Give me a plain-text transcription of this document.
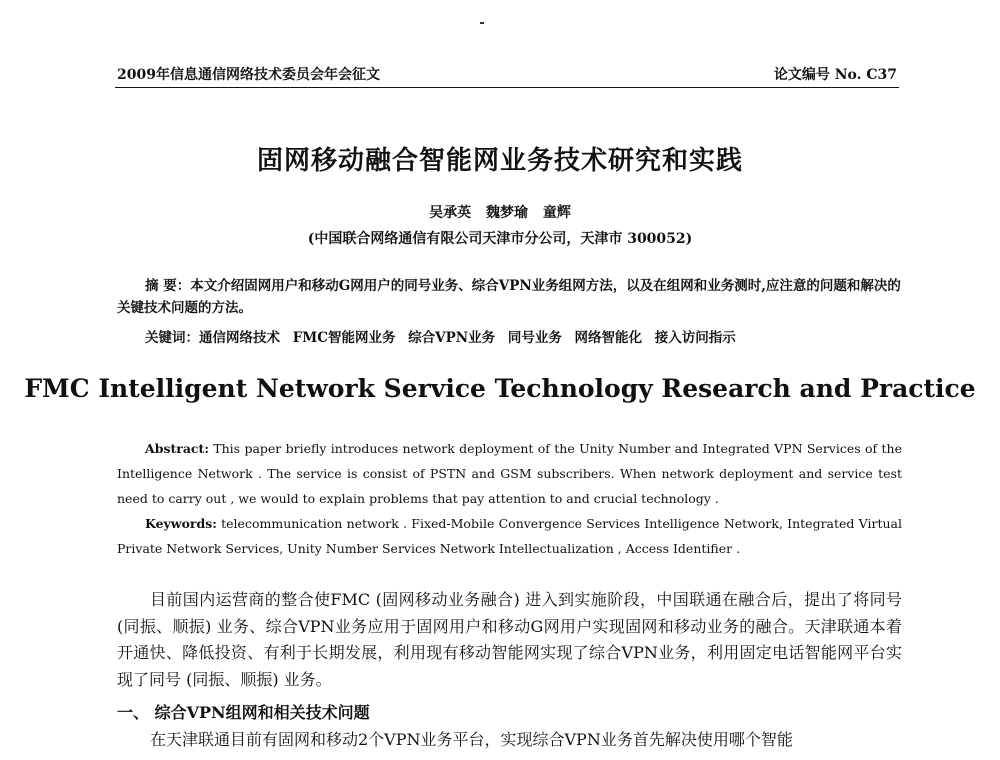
2009年信息通信网络技术委员会年会征文	论文编号 No. C37
固网移动融合智能网业务技术研究和实践
吴承英 魏梦瑜 童辉
(中国联合网络通信有限公司天津市分公司，天津市 300052)
摘 要：本文介绍固网用户和移动G网用户的同号业务、综合VPN业务组网方法，以及在组网和业务测时,应注意的问题和解决的关键技术问题的方法。
关键词：通信网络技术 FMC智能网业务 综合VPN业务 同号业务 网络智能化 接入访问指示
FMC Intelligent Network Service Technology Research and Practice
Abstract: This paper briefly introduces network deployment of the Unity Number and Integrated VPN Services of the Intelligence Network . The service is consist of PSTN and GSM subscribers. When network deployment and service test need to carry out , we would to explain problems that pay attention to and crucial technology .
Keywords: telecommunication network . Fixed-Mobile Convergence Services Intelligence Network, Integrated Virtual Private Network Services, Unity Number Services Network Intellectualization , Access Identifier .
目前国内运营商的整合使FMC (固网移动业务融合) 进入到实施阶段，中国联通在融合后，提出了将同号 (同振、顺振) 业务、综合VPN业务应用于固网用户和移动G网用户实现固网和移动业务的融合。天津联通本着开通快、降低投资、有利于长期发展，利用现有移动智能网实现了综合VPN业务，利用固定电话智能网平台实现了同号 (同振、顺振) 业务。
一、 综合VPN组网和相关技术问题
在天津联通目前有固网和移动2个VPN业务平台，实现综合VPN业务首先解决使用哪个智能
